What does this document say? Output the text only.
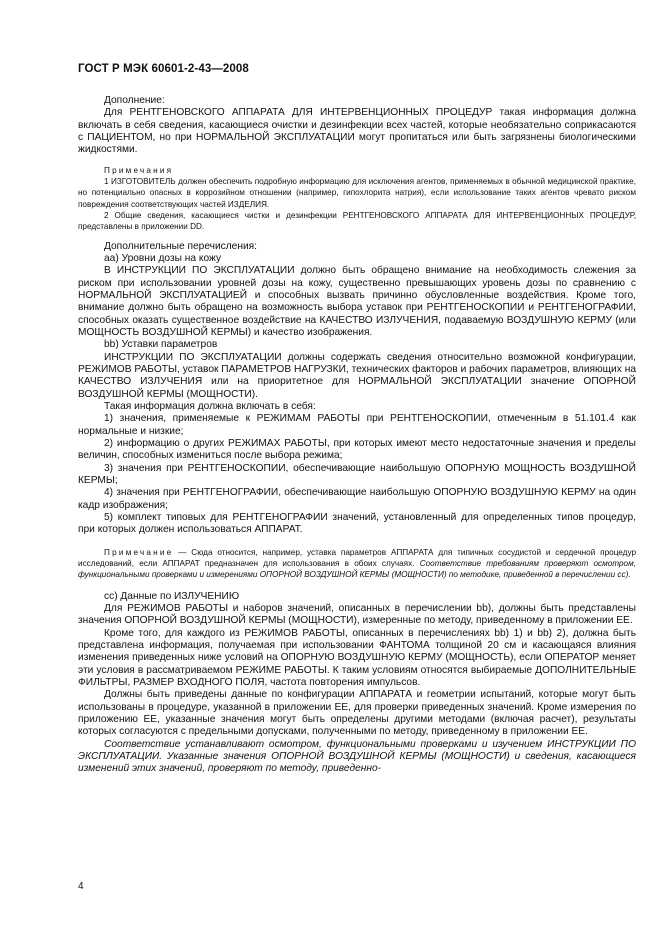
ГОСТ Р МЭК 60601-2-43—2008

Дополнение:

Для РЕНТГЕНОВСКОГО АППАРАТА ДЛЯ ИНТЕРВЕНЦИОННЫХ ПРОЦЕДУР такая информация должна включать в себя сведения, касающиеся очистки и дезинфекции всех частей, которые необязательно соприкасаются с ПАЦИЕНТОМ, но при НОРМАЛЬНОЙ ЭКСПЛУАТАЦИИ могут пропитаться или быть загрязнены биологическими жидкостями.

Примечания

1 ИЗГОТОВИТЕЛЬ должен обеспечить подробную информацию для исключения агентов, применяемых в обычной медицинской практике, но потенциально опасных в коррозийном отношении (например, гипохлорита натрия), если использование таких агентов чревато риском повреждения соответствующих частей ИЗДЕЛИЯ.

2 Общие сведения, касающиеся чистки и дезинфекции РЕНТГЕНОВСКОГО АППАРАТА ДЛЯ ИНТЕРВЕНЦИОННЫХ ПРОЦЕДУР, представлены в приложении DD.

Дополнительные перечисления:

аа) Уровни дозы на кожу

В ИНСТРУКЦИИ ПО ЭКСПЛУАТАЦИИ должно быть обращено внимание на необходимость слежения за риском при использовании уровней дозы на кожу, существенно превышающих уровень дозы по сравнению с НОРМАЛЬНОЙ ЭКСПЛУАТАЦИЕЙ и способных вызвать причинно обусловленные воздействия. Кроме того, внимание должно быть обращено на возможность выбора уставок при РЕНТГЕНОСКОПИИ и РЕНТГЕНОГРАФИИ, способных оказать существенное воздействие на КАЧЕСТВО ИЗЛУЧЕНИЯ, подаваемую ВОЗДУШНУЮ КЕРМУ (или МОЩНОСТЬ ВОЗДУШНОЙ КЕРМЫ) и качество изображения.

bb) Уставки параметров

ИНСТРУКЦИИ ПО ЭКСПЛУАТАЦИИ должны содержать сведения относительно возможной конфигурации, РЕЖИМОВ РАБОТЫ, уставок ПАРАМЕТРОВ НАГРУЗКИ, технических факторов и рабочих параметров, влияющих на КАЧЕСТВО ИЗЛУЧЕНИЯ или на приоритетное для НОРМАЛЬНОЙ ЭКСПЛУАТАЦИИ значение ОПОРНОЙ ВОЗДУШНОЙ КЕРМЫ (МОЩНОСТИ).

Такая информация должна включать в себя:

1) значения, применяемые к РЕЖИМАМ РАБОТЫ при РЕНТГЕНОСКОПИИ, отмеченным в 51.101.4 как нормальные и низкие;

2) информацию о других РЕЖИМАХ РАБОТЫ, при которых имеют место недостаточные значения и пределы величин, способных измениться после выбора режима;

3) значения при РЕНТГЕНОСКОПИИ, обеспечивающие наибольшую ОПОРНУЮ МОЩНОСТЬ ВОЗДУШНОЙ КЕРМЫ;

4) значения при РЕНТГЕНОГРАФИИ, обеспечивающие наибольшую ОПОРНУЮ ВОЗДУШНУЮ КЕРМУ на один кадр изображения;

5) комплект типовых для РЕНТГЕНОГРАФИИ значений, установленный для определенных типов процедур, при которых должен использоваться АППАРАТ.

Примечание — Сюда относится, например, уставка параметров АППАРАТА для типичных сосудистой и сердечной процедур исследований, если АППАРАТ предназначен для использования в обоих случаях. Соответствие требованиям проверяют осмотром, функциональными проверками и измерениями ОПОРНОЙ ВОЗДУШНОЙ КЕРМЫ (МОЩНОСТИ) по методике, приведенной в перечислении сс).

сс) Данные по ИЗЛУЧЕНИЮ

Для РЕЖИМОВ РАБОТЫ и наборов значений, описанных в перечислении bb), должны быть представлены значения ОПОРНОЙ ВОЗДУШНОЙ КЕРМЫ (МОЩНОСТИ), измеренные по методу, приведенному в приложении ЕЕ.

Кроме того, для каждого из РЕЖИМОВ РАБОТЫ, описанных в перечислениях bb) 1) и bb) 2), должна быть представлена информация, получаемая при использовании ФАНТОМА толщиной 20 см и касающаяся влияния изменения приведенных ниже условий на ОПОРНУЮ ВОЗДУШНУЮ КЕРМУ (МОЩНОСТЬ), если ОПЕРАТОР меняет эти условия в рассматриваемом РЕЖИМЕ РАБОТЫ. К таким условиям относятся выбираемые ДОПОЛНИТЕЛЬНЫЕ ФИЛЬТРЫ, РАЗМЕР ВХОДНОГО ПОЛЯ, частота повторения импульсов.

Должны быть приведены данные по конфигурации АППАРАТА и геометрии испытаний, которые могут быть использованы в процедуре, указанной в приложении ЕЕ, для проверки приведенных значений. Кроме измерения по приложению ЕЕ, указанные значения могут быть определены другими методами (включая расчет), результаты которых согласуются с предельными допусками, полученными по методу, приведенному в приложении ЕЕ.

Соответствие устанавливают осмотром, функциональными проверками и изучением ИНСТРУКЦИИ ПО ЭКСПЛУАТАЦИИ. Указанные значения ОПОРНОЙ ВОЗДУШНОЙ КЕРМЫ (МОЩНОСТИ) и сведения, касающиеся изменений этих значений, проверяют по методу, приведенно-

4
